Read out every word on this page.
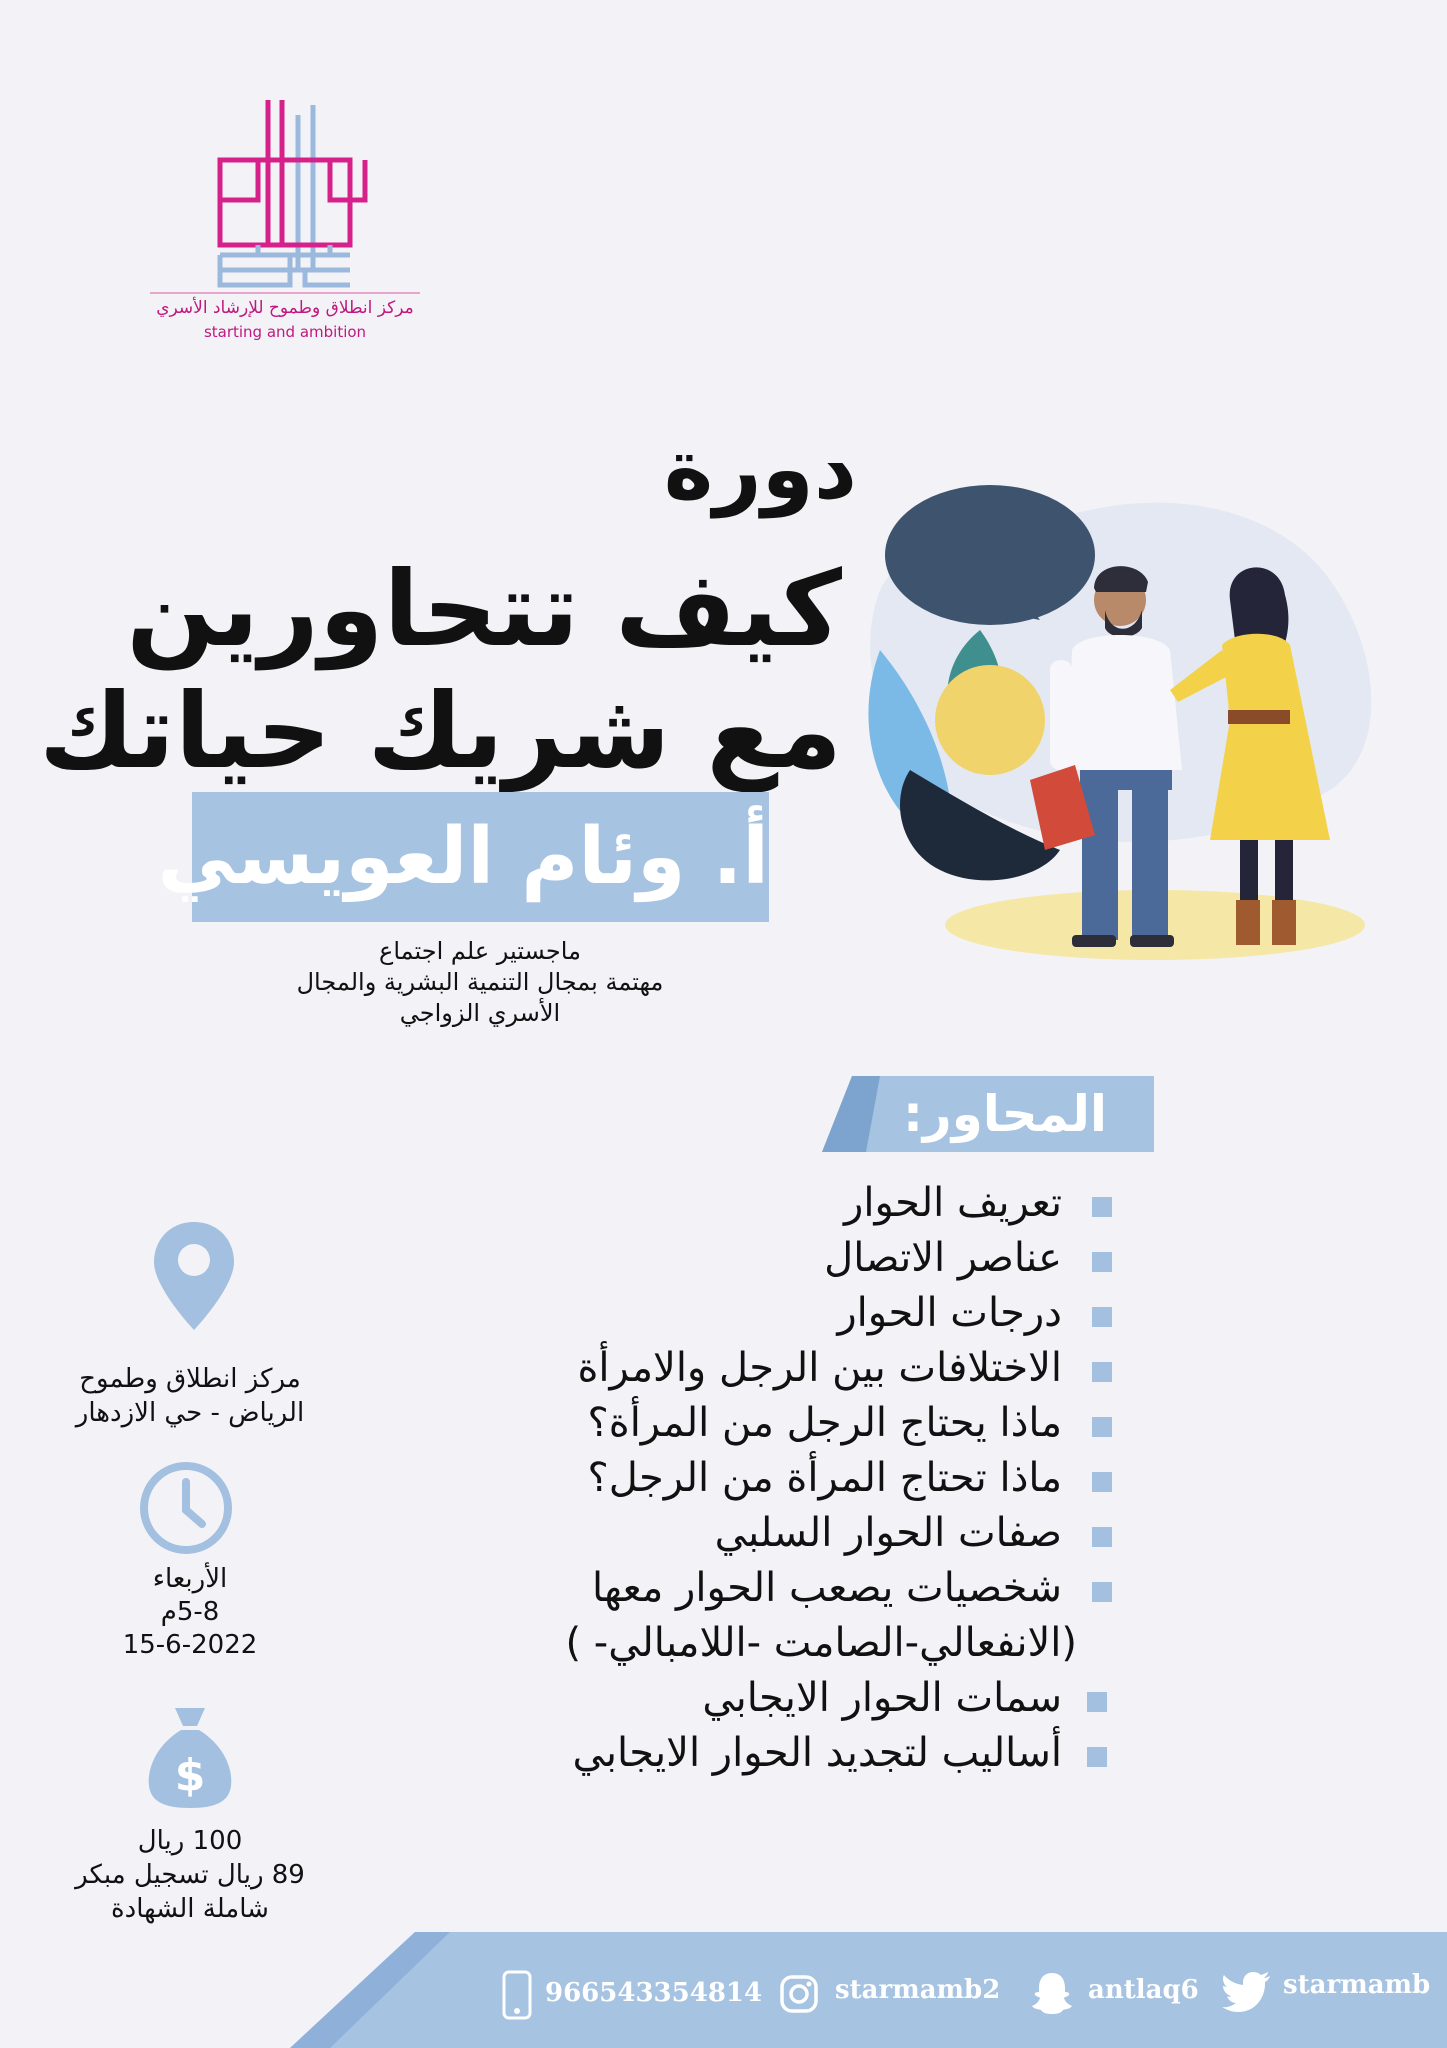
مركز انطلاق وطموح للإرشاد الأسري
starting and ambition
دورة
كيف تتحاورين
مع شريك حياتك
أ. وئام العويسي
ماجستير علم اجتماع
مهتمة بمجال التنمية البشرية والمجال
الأسري الزواجي
المحاور:
تعريف الحوار
عناصر الاتصال
درجات الحوار
الاختلافات بين الرجل والامرأة
ماذا يحتاج الرجل من المرأة؟
ماذا تحتاج المرأة من الرجل؟
صفات الحوار السلبي
شخصيات يصعب الحوار معها
(الانفعالي-الصامت -اللامبالي- )
سمات الحوار الايجابي
أساليب لتجديد الحوار الايجابي
مركز انطلاق وطموح
الرياض - حي الازدهار
الأربعاء
5-8م
15-6-2022
$
100 ريال
89 ريال تسجيل مبكر
شاملة الشهادة
966543354814	starmamb2	antlaq6	starmamb
